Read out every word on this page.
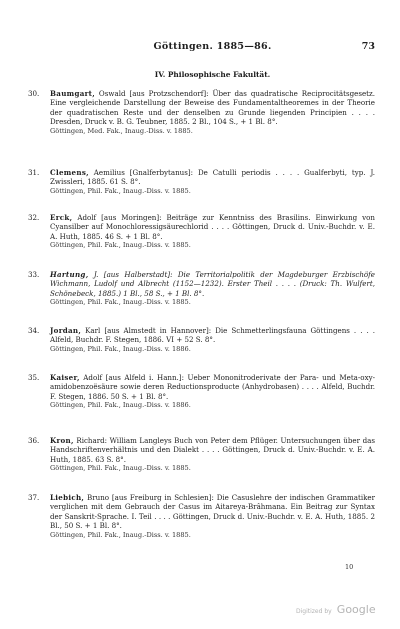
Göttingen. 1885—86.	73
IV. Philosophische Fakultät.
30.	Baumgart, Oswald [aus Protzschendorf]: Über das quadratische Reciprocitätsgesetz. Eine vergleichende Darstellung der Beweise des Fundamentaltheoremes in der Theorie der quadratischen Reste und der denselben zu Grunde liegenden Principien . . . . Dresden, Druck v. B. G. Teubner, 1885. 2 Bl., 104 S., + 1 Bl. 8°.
Göttingen, Med. Fak., Inaug.-Diss. v. 1885.
31.	Clemens, Aemilius [Gnalferbytanus]: De Catulli periodis . . . . Gualferbyti, typ. J. Zwissleri, 1885. 61 S. 8°.
Göttingen, Phil. Fak., Inaug.-Diss. v. 1885.
32.	Erck, Adolf [aus Moringen]: Beiträge zur Kenntniss des Brasilins. Einwirkung von Cyansilber auf Monochloressigsäurechlorid . . . . Göttingen, Druck d. Univ.-Buchdr. v. E. A. Huth, 1885. 46 S. + 1 Bl. 8°.
Göttingen, Phil. Fak., Inaug.-Diss. v. 1885.
33.	Hartung, J. [aus Halberstadt]: Die Territorialpolitik der Magdeburger Erzbischöfe Wichmann, Ludolf und Albrecht (1152—1232). Erster Theil . . . . (Druck: Th. Wulfert, Schönebeck, 1885.) 1 Bl., 58 S., + 1 Bl. 8°.
Göttingen, Phil. Fak., Inaug.-Diss. v. 1885.
34.	Jordan, Karl [aus Almstedt in Hannover]: Die Schmetterlingsfauna Göttingens . . . . Alfeld, Buchdr. F. Stegen, 1886. VI + 52 S. 8°.
Göttingen, Phil. Fak., Inaug.-Diss. v. 1886.
35.	Kaiser, Adolf [aus Alfeld i. Hann.]: Ueber Mononitroderivate der Para- und Meta-oxy-amidobenzoësäure sowie deren Reductionsproducte (Anhydrobasen) . . . . Alfeld, Buchdr. F. Stegen, 1886. 50 S. + 1 Bl. 8°.
Göttingen, Phil. Fak., Inaug.-Diss. v. 1886.
36.	Kron, Richard: William Langleys Buch von Peter dem Pflüger. Untersuchungen über das Handschriftenverhältnis und den Dialekt . . . . Göttingen, Druck d. Univ.-Buchdr. v. E. A. Huth, 1885. 63 S. 8°.
Göttingen, Phil. Fak., Inaug.-Diss. v. 1885.
37.	Liebich, Bruno [aus Freiburg in Schlesien]: Die Casuslehre der indischen Grammatiker verglichen mit dem Gebrauch der Casus im Aitareya-Brâhmana. Ein Beitrag zur Syntax der Sanskrit-Sprache. I. Teil . . . . Göttingen, Druck d. Univ.-Buchdr. v. E. A. Huth, 1885. 2 Bl., 50 S. + 1 Bl. 8°.
Göttingen, Phil. Fak., Inaug.-Diss. v. 1885.
10
Digitized by Google
